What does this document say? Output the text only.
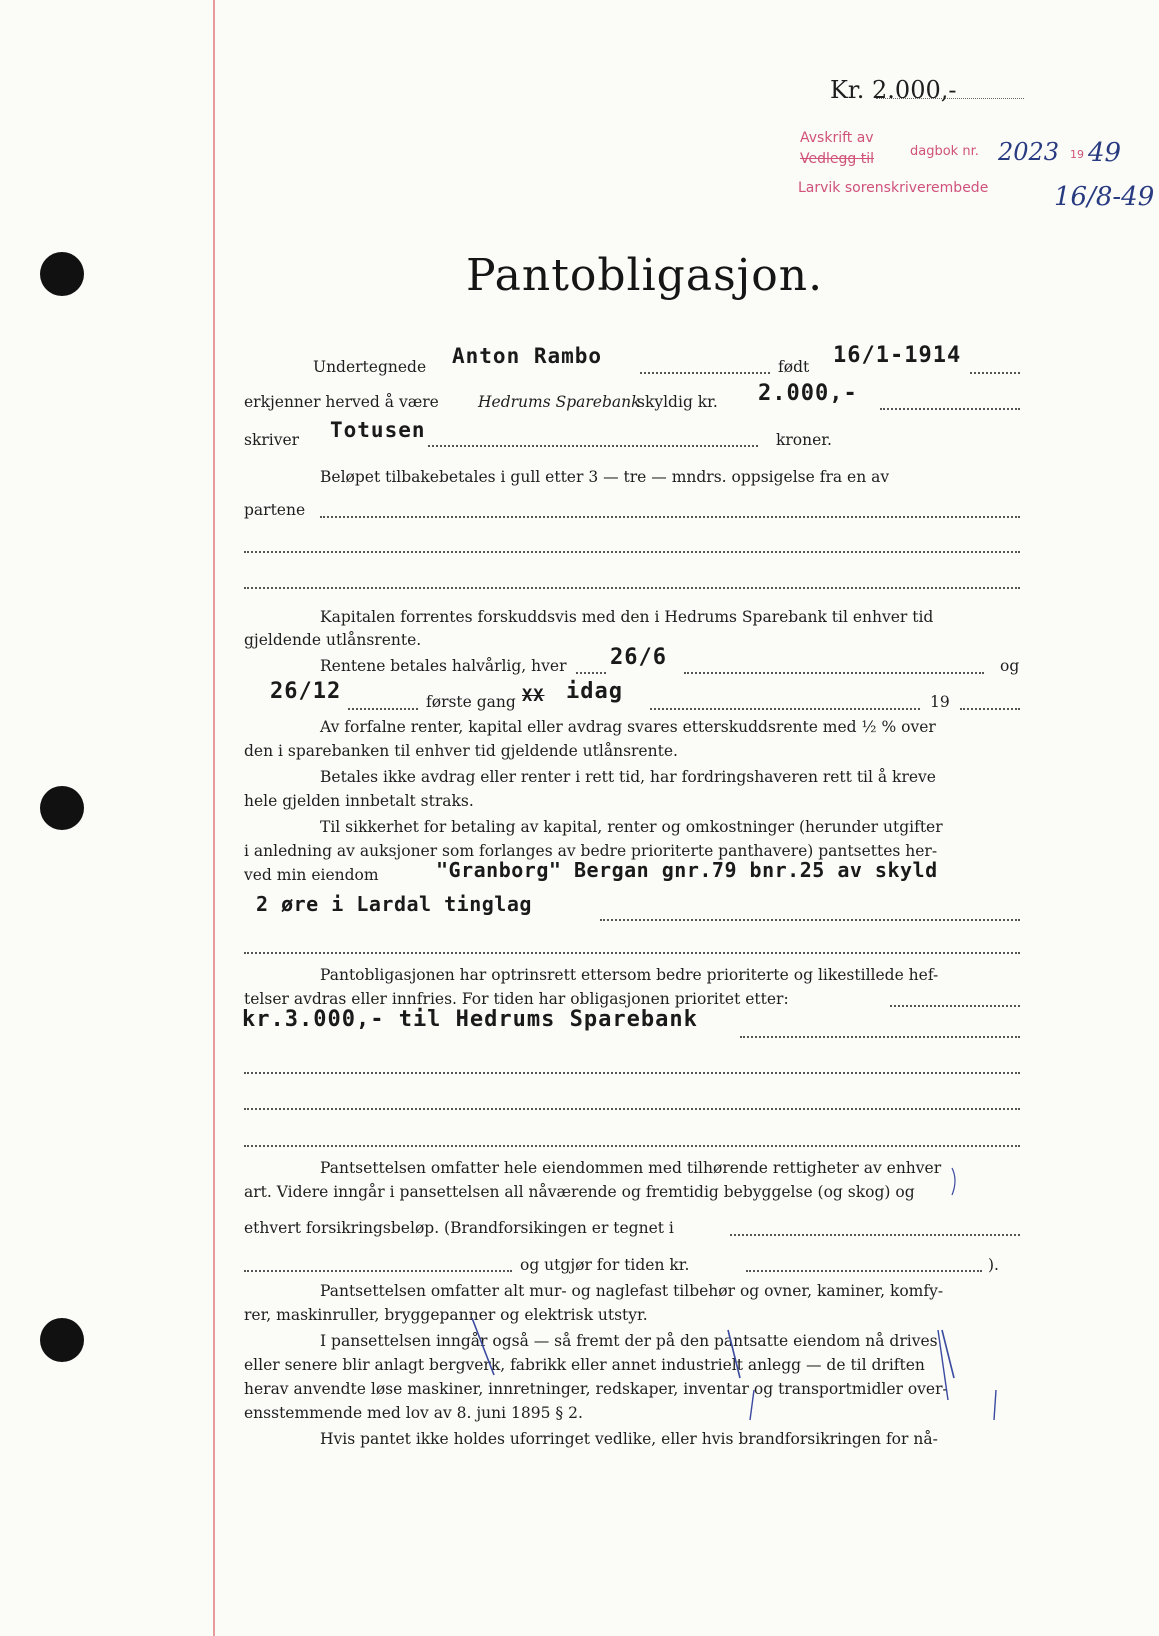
Kr. 2.000,-
Avskrift av
dagbok nr.	19
Vedlegg til
Larvik sorenskriverembede
2023 49
16/8-49
Pantobligasjon.
Undertegnede Anton Rambo	født 16/1-1914
erkjenner herved å være	Hedrums Sparebank
skyldig kr. 2.000,-
skriver Totusen	kroner.
Beløpet tilbakebetales i gull etter 3 — tre — mndrs. oppsigelse fra en av
partene
Kapitalen forrentes forskuddsvis med den i Hedrums Sparebank til enhver tid
gjeldende utlånsrente.
Rentene betales halvårlig, hver 26/6	og
26/12	første gang XX idag	19
Av forfalne renter, kapital eller avdrag svares etterskuddsrente med ½ % over
den i sparebanken til enhver tid gjeldende utlånsrente.
Betales ikke avdrag eller renter i rett tid, har fordringshaveren rett til å kreve
hele gjelden innbetalt straks.
Til sikkerhet for betaling av kapital, renter og omkostninger (herunder utgifter
i anledning av auksjoner som forlanges av bedre prioriterte panthavere) pantsettes her-
ved min eiendom	"Granborg" Bergan gnr.79 bnr.25 av skyld
2 øre i Lardal tinglag
Pantobligasjonen har optrinsrett ettersom bedre prioriterte og likestillede hef-
telser avdras eller innfries. For tiden har obligasjonen prioritet etter:
kr.3.000,- til Hedrums Sparebank
Pantsettelsen omfatter hele eiendommen med tilhørende rettigheter av enhver
art. Videre inngår i pansettelsen all nåværende og fremtidig bebyggelse (og skog) og
ethvert forsikringsbeløp. (Brandforsikingen er tegnet i
og utgjør for tiden kr.	).
Pantsettelsen omfatter alt mur- og naglefast tilbehør og ovner, kaminer, komfy-
rer, maskinruller, bryggepanner og elektrisk utstyr.
I pansettelsen inngår også — så fremt der på den pantsatte eiendom nå drives
eller senere blir anlagt bergverk, fabrikk eller annet industrielt anlegg — de til driften
herav anvendte løse maskiner, innretninger, redskaper, inventar og transportmidler over-
ensstemmende med lov av 8. juni 1895 § 2.
Hvis pantet ikke holdes uforringet vedlike, eller hvis brandforsikringen for nå-
